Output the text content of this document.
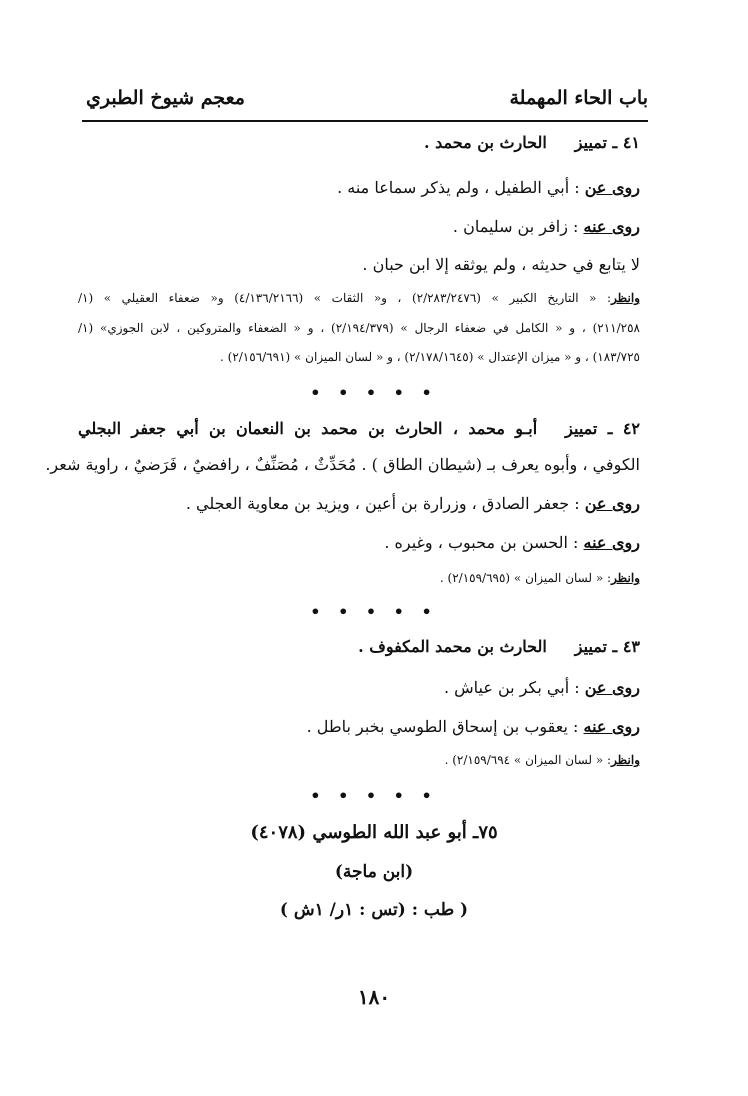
باب الحاء المهملة
معجم شيوخ الطبري
٤١ ـ تمييزالحارث بن محمد .
روى عن : أبي الطفيل ، ولم يذكر سماعا منه .
روى عنه : زافر بن سليمان .
لا يتابع في حديثه ، ولم يوثقه إلا ابن حبان .
وانظر: « التاريخ الكبير » (٢/٢٨٣/٢٤٧٦) ، و« الثقات » (٤/١٣٦/٢١٦٦) و« ضعفاء العقيلي » (١/
٢١١/٢٥٨) ، و « الكامل في ضعفاء الرجال » (٢/١٩٤/٣٧٩) ، و « الضعفاء والمتروكين ، لابن الجوزي» (١/
١٨٣/٧٢٥) ، و « ميزان الإعتدال » (٢/١٧٨/١٦٤٥) ، و « لسان الميزان » (٢/١٥٦/٦٩١) .
• • • • •
٤٢ ـ تمييزأبـو محمد ، الحارث بن محمد بن النعمان بن أبي جعفر البجلي
الكوفي ، وأبوه يعرف بـ (شيطان الطاق ) . مُحَدِّثٌ ، مُصَنِّفٌ ، رافضيٌ ، فَرَضيٌ ، راوية شعر.
روى عن : جعفر الصادق ، وزرارة بن أعين ، ويزيد بن معاوية العجلي .
روى عنه : الحسن بن محبوب ، وغيره .
وانظر: « لسان الميزان » (٢/١٥٩/٦٩٥) .
• • • • •
٤٣ ـ تمييزالحارث بن محمد المكفوف .
روى عن : أبي بكر بن عياش .
روى عنه : يعقوب بن إسحاق الطوسي بخبر باطل .
وانظر: « لسان الميزان » ٢/١٥٩/٦٩٤) .
• • • • •
٧٥ـ أبو عبد الله الطوسي (٤٠٧٨)
(ابن ماجة)
( طب : (تس : ١ر/ ١ش )
١٨٠
